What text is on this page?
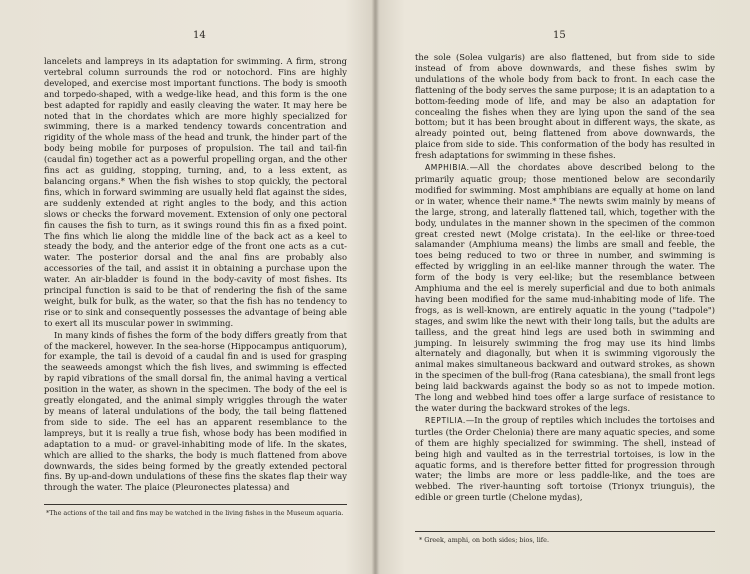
14

lancelets and lampreys in its adaptation for swimming. A firm, strong vertebral column surrounds the rod or notochord. Fins are highly developed, and exercise most important functions. The body is smooth and torpedo-shaped, with a wedge-like head, and this form is the one best adapted for rapidly and easily cleaving the water. It may here be noted that in the chordates which are more highly specialized for swimming, there is a marked tendency towards concentration and rigidity of the whole mass of the head and trunk, the hinder part of the body being mobile for purposes of propulsion. The tail and tail-fin (caudal fin) together act as a powerful propelling organ, and the other fins act as guiding, stopping, turning, and, to a less extent, as balancing organs.* When the fish wishes to stop quickly, the pectoral fins, which in forward swimming are usually held flat against the sides, are suddenly extended at right angles to the body, and this action slows or checks the forward movement. Extension of only one pectoral fin causes the fish to turn, as it swings round this fin as a fixed point. The fins which lie along the middle line of the back act as a keel to steady the body, and the anterior edge of the front one acts as a cut-water. The posterior dorsal and the anal fins are probably also accessories of the tail, and assist it in obtaining a purchase upon the water. An air-bladder is found in the body-cavity of most fishes. Its principal function is said to be that of rendering the fish of the same weight, bulk for bulk, as the water, so that the fish has no tendency to rise or to sink and consequently possesses the advantage of being able to exert all its muscular power in swimming.

In many kinds of fishes the form of the body differs greatly from that of the mackerel, however. In the sea-horse (Hippocampus antiquorum), for example, the tail is devoid of a caudal fin and is used for grasping the seaweeds amongst which the fish lives, and swimming is effected by rapid vibrations of the small dorsal fin, the animal having a vertical position in the water, as shown in the specimen. The body of the eel is greatly elongated, and the animal simply wriggles through the water by means of lateral undulations of the body, the tail being flattened from side to side. The eel has an apparent resemblance to the lampreys, but it is really a true fish, whose body has been modified in adaptation to a mud- or gravel-inhabiting mode of life. In the skates, which are allied to the sharks, the body is much flattened from above downwards, the sides being formed by the greatly extended pectoral fins. By up-and-down undulations of these fins the skates flap their way through the water. The plaice (Pleuronectes platessa) and

*The actions of the tail and fins may be watched in the living fishes in the Museum aquaria.
15

the sole (Solea vulgaris) are also flattened, but from side to side instead of from above downwards, and these fishes swim by undulations of the whole body from back to front. In each case the flattening of the body serves the same purpose; it is an adaptation to a bottom-feeding mode of life, and may be also an adaptation for concealing the fishes when they are lying upon the sand of the sea bottom; but it has been brought about in different ways, the skate, as already pointed out, being flattened from above downwards, the plaice from side to side. This conformation of the body has resulted in fresh adaptations for swimming in these fishes.

AMPHIBIA.—All the chordates above described belong to the primarily aquatic group; those mentioned below are secondarily modified for swimming. Most amphibians are equally at home on land or in water, whence their name.* The newts swim mainly by means of the large, strong, and laterally flattened tail, which, together with the body, undulates in the manner shown in the specimen of the common great crested newt (Molge cristata). In the eel-like or three-toed salamander (Amphiuma means) the limbs are small and feeble, the toes being reduced to two or three in number, and swimming is effected by wriggling in an eel-like manner through the water. The form of the body is very eel-like; but the resemblance between Amphiuma and the eel is merely superficial and due to both animals having been modified for the same mud-inhabiting mode of life. The frogs, as is well-known, are entirely aquatic in the young ("tadpole") stages, and swim like the newt with their long tails, but the adults are tailless, and the great hind legs are used both in swimming and jumping. In leisurely swimming the frog may use its hind limbs alternately and diagonally, but when it is swimming vigorously the animal makes simultaneous backward and outward strokes, as shown in the specimen of the bull-frog (Rana catesbiana), the small front legs being laid backwards against the body so as not to impede motion. The long and webbed hind toes offer a large surface of resistance to the water during the backward strokes of the legs.

REPTILIA.—In the group of reptiles which includes the tortoises and turtles (the Order Chelonia) there are many aquatic species, and some of them are highly specialized for swimming. The shell, instead of being high and vaulted as in the terrestrial tortoises, is low in the aquatic forms, and is therefore better fitted for progression through water; the limbs are more or less paddle-like, and the toes are webbed. The river-haunting soft tortoise (Trionyx triunguis), the edible or green turtle (Chelone mydas),

* Greek, amphi, on both sides; bios, life.
